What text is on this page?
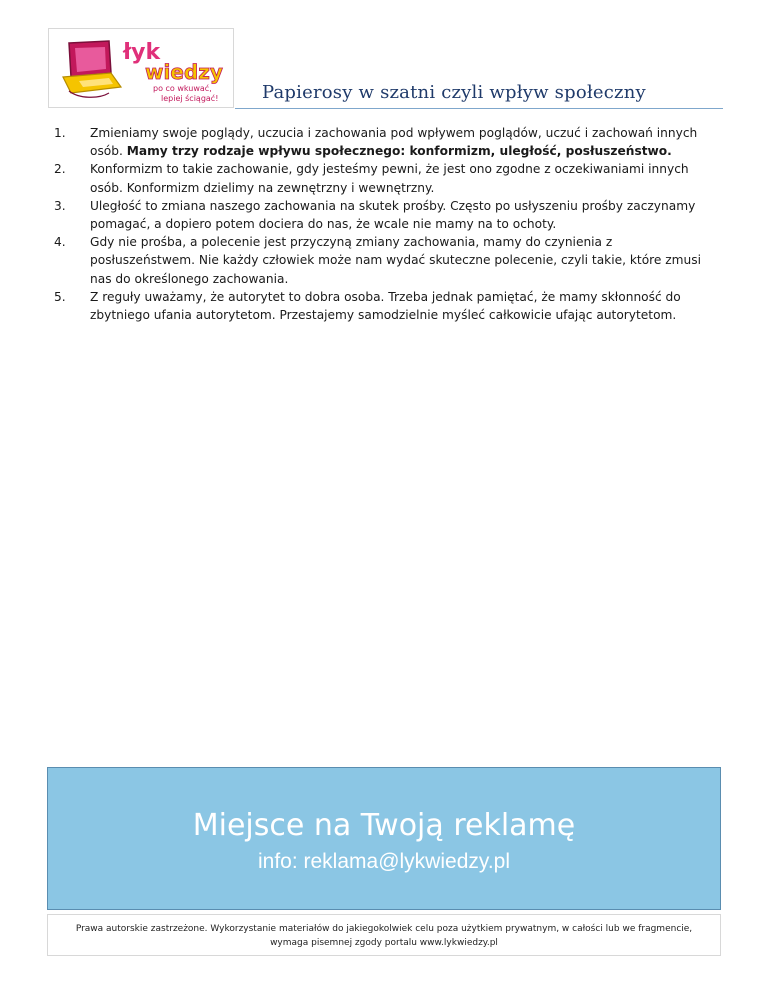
łyk
wiedzy
po co wkuwać,
lepiej ściągać! Papierosy w szatni czyli wpływ społeczny
1.	Zmieniamy swoje poglądy, uczucia i zachowania pod wpływem poglądów, uczuć i zachowań innych osób. Mamy trzy rodzaje wpływu społecznego: konformizm, uległość, posłuszeństwo.
2.	Konformizm to takie zachowanie, gdy jesteśmy pewni, że jest ono zgodne z oczekiwaniami innych osób. Konformizm dzielimy na zewnętrzny i wewnętrzny.
3.	Uległość to zmiana naszego zachowania na skutek prośby. Często po usłyszeniu prośby zaczynamy pomagać, a dopiero potem dociera do nas, że wcale nie mamy na to ochoty.
4.	Gdy nie prośba, a polecenie jest przyczyną zmiany zachowania, mamy do czynienia z posłuszeństwem. Nie każdy człowiek może nam wydać skuteczne polecenie, czyli takie, które zmusi nas do określonego zachowania.
5.	Z reguły uważamy, że autorytet to dobra osoba. Trzeba jednak pamiętać, że mamy skłonność do zbytniego ufania autorytetom. Przestajemy samodzielnie myśleć całkowicie ufając autorytetom.
Miejsce na Twoją reklamę
info: reklama@lykwiedzy.pl
Prawa autorskie zastrzeżone. Wykorzystanie materiałów do jakiegokolwiek celu poza użytkiem prywatnym, w całości lub we fragmencie,
wymaga pisemnej zgody portalu www.lykwiedzy.pl
